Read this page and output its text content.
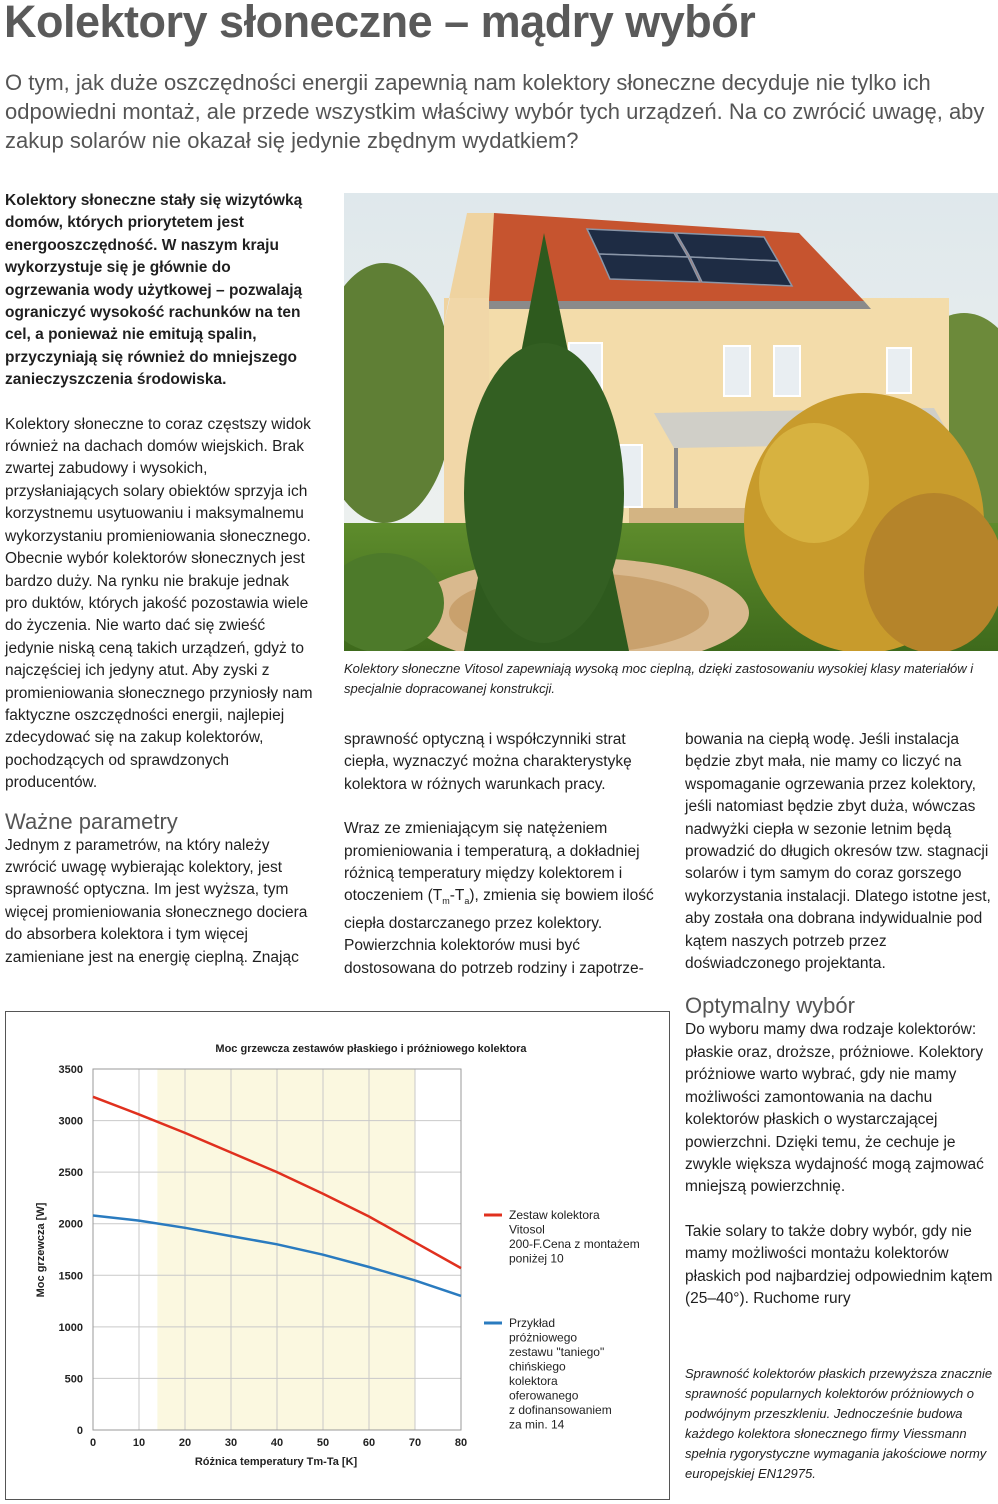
Kolektory słoneczne – mądry wybór

O tym, jak duże oszczędności energii zapewnią nam kolektory słoneczne decyduje nie tylko ich odpowiedni montaż, ale przede wszystkim właściwy wybór tych urządzeń. Na co zwrócić uwagę, aby zakup solarów nie okazał się jedynie zbędnym wydatkiem?

Kolektory słoneczne stały się wizytówką domów, których priorytetem jest energooszczędność. W naszym kraju wykorzystuje się je głównie do ogrzewania wody użytkowej – pozwalają ograniczyć wysokość rachunków na ten cel, a ponieważ nie emitują spalin, przyczyniają się również do mniejszego zanieczyszczenia środowiska.

Kolektory słoneczne to coraz częstszy widok również na dachach domów wiejskich. Brak zwartej zabudowy i wysokich, przysłaniających solary obiektów sprzyja ich korzystnemu usytuowaniu i maksymalnemu wykorzystaniu promieniowania słonecznego. Obecnie wybór kolektorów słonecznych jest bardzo duży. Na rynku nie brakuje jednak pro duktów, których jakość pozostawia wiele do życzenia. Nie warto dać się zwieść jedynie niską ceną takich urządzeń, gdyż to najczęściej ich jedyny atut. Aby zyski z promieniowania słonecznego przyniosły nam faktyczne oszczędności energii, najlepiej zdecydować się na zakup kolektorów, pochodzących od sprawdzonych producentów.

Ważne parametry

Jednym z parametrów, na który należy zwrócić uwagę wybierając kolektory, jest sprawność optyczna. Im jest wyższa, tym więcej promieniowania słonecznego dociera do absorbera kolektora i tym więcej zamieniane jest na energię cieplną. Znając

Kolektory słoneczne Vitosol zapewniają wysoką moc cieplną, dzięki zastosowaniu wysokiej klasy materiałów i specjalnie dopracowanej konstrukcji.

sprawność optyczną i współczynniki strat ciepła, wyznaczyć można charakterystykę kolektora w różnych warunkach pracy.

Wraz ze zmieniającym się natężeniem promieniowania i temperaturą, a dokładniej różnicą temperatury między kolektorem i otoczeniem $(T_m-T_a)$, zmienia się bowiem ilość ciepła dostarczanego przez kolektory. Powierzchnia kolektorów musi być dostosowana do potrzeb rodziny i zapotrze-

bowania na ciepłą wodę. Jeśli instalacja będzie zbyt mała, nie mamy co liczyć na wspomaganie ogrzewania przez kolektory, jeśli natomiast będzie zbyt duża, wówczas nadwyżki ciepła w sezonie letnim będą prowadzić do długich okresów tzw. stagnacji solarów i tym samym do coraz gorszego wykorzystania instalacji. Dlatego istotne jest, aby została ona dobrana indywidualnie pod kątem naszych potrzeb przez doświadczonego projektanta.

Optymalny wybór

Do wyboru mamy dwa rodzaje kolektorów: płaskie oraz, droższe, próżniowe. Kolektory próżniowe warto wybrać, gdy nie mamy możliwości zamontowania na dachu kolektorów płaskich o wystarczającej powierzchni. Dzięki temu, że cechuje je zwykle większa wydajność mogą zajmować mniejszą powierzchnię.

Takie solary to także dobry wybór, gdy nie mamy możliwości montażu kolektorów płaskich pod najbardziej odpowiednim kątem (25–40°). Ruchome rury

Sprawność kolektorów płaskich przewyższa znacznie sprawność popularnych kolektorów próżniowych o podwójnym przeszkleniu. Jednocześnie budowa każdego kolektora słonecznego firmy Viessmann spełnia rygorystyczne wymagania jakościowe normy europejskiej EN12975.

0	10	20	30	40	50	60	70	80
0
500
1000
1500
2000
2500
3000
3500
Moc grzewcza zestawów płaskiego i próżniowego kolektora
Różnica temperatury Tm-Ta [K]
Moc grzewcza [W]	Zestaw kolektora Vitosol 200-F.Cena z montażem poniżej 10
Przykład próżniowego zestawu "taniego" chińskiego kolektora oferowanego z dofinansowaniem za min. 14
